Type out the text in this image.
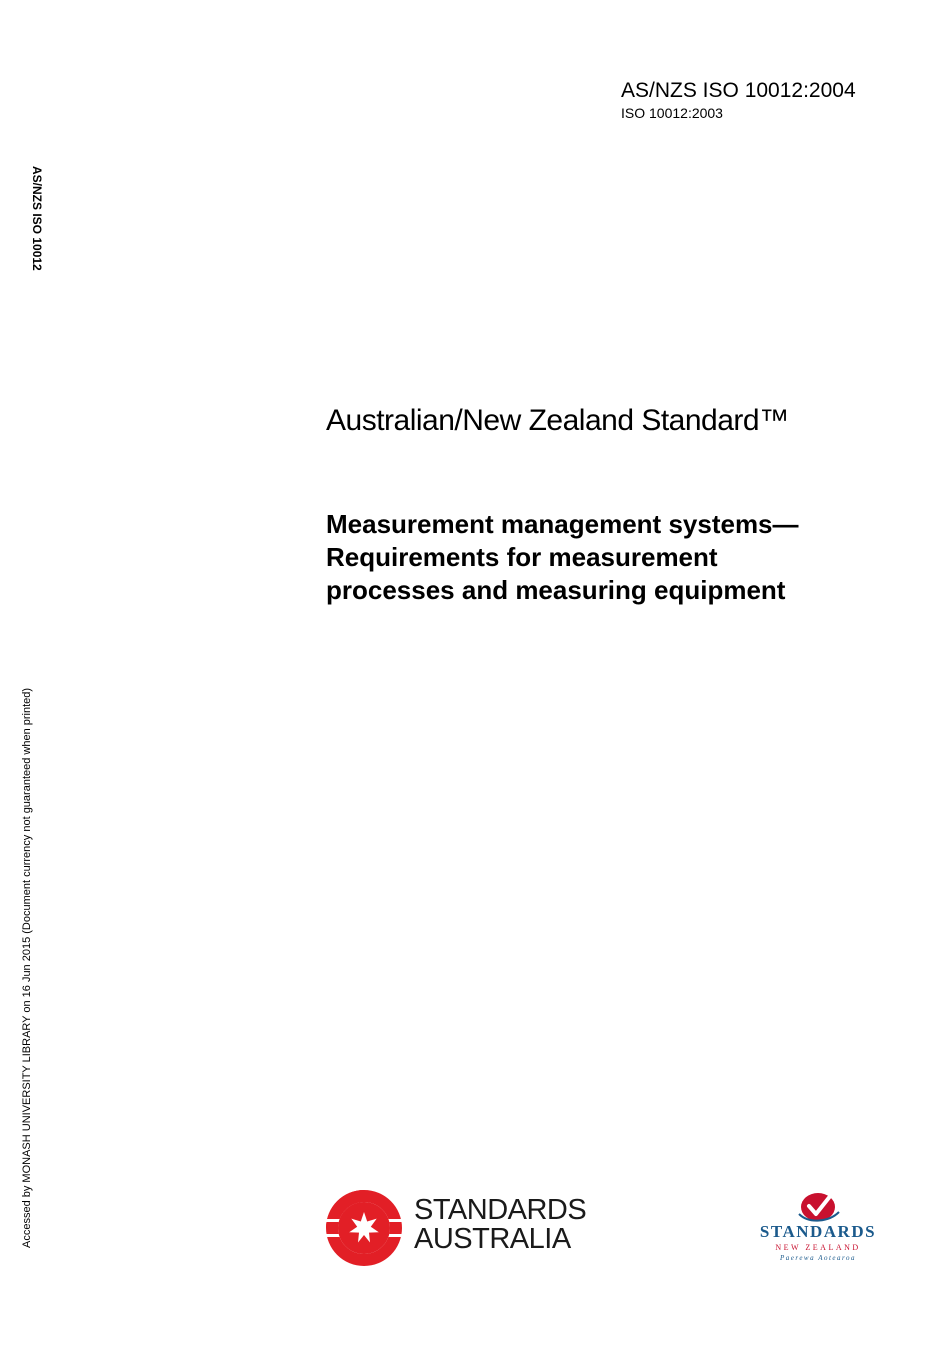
AS/NZS ISO 10012:2004
ISO 10012:2003
AS/NZS ISO 10012
Accessed by MONASH UNIVERSITY LIBRARY on 16 Jun 2015 (Document currency not guaranteed when printed)
Australian/New Zealand Standard™
Measurement management systems—
Requirements for measurement
processes and measuring equipment
STANDARDS
AUSTRALIA	STANDARDS
NEW ZEALAND
Paerewa Aotearoa
